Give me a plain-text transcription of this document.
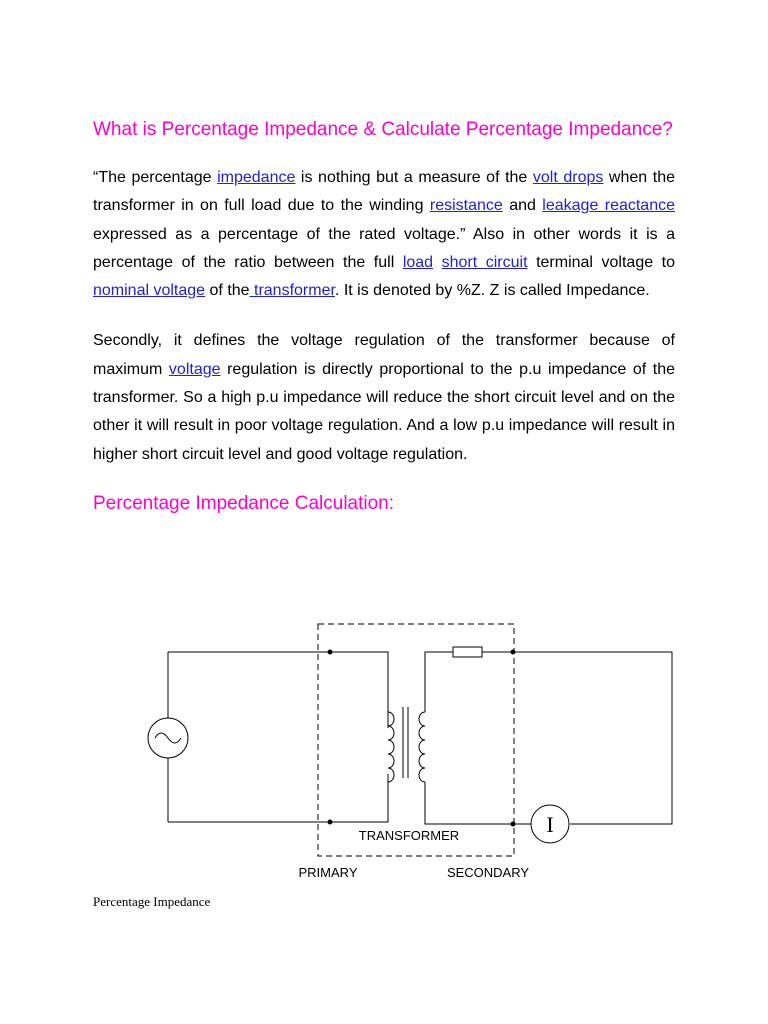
What is Percentage Impedance & Calculate Percentage Impedance?

“The percentage impedance is nothing but a measure of the volt drops when the transformer in on full load due to the winding resistance and leakage reactance expressed as a percentage of the rated voltage.” Also in other words it is a percentage of the ratio between the full load short circuit terminal voltage to nominal voltage of the transformer. It is denoted by %Z. Z is called Impedance.

Secondly, it defines the voltage regulation of the transformer because of maximum voltage regulation is directly proportional to the p.u impedance of the transformer. So a high p.u impedance will reduce the short circuit level and on the other it will result in poor voltage regulation. And a low p.u impedance will result in higher short circuit level and good voltage regulation.

Percentage Impedance Calculation:
I
TRANSFORMER
PRIMARY	SECONDARY
Percentage Impedance
